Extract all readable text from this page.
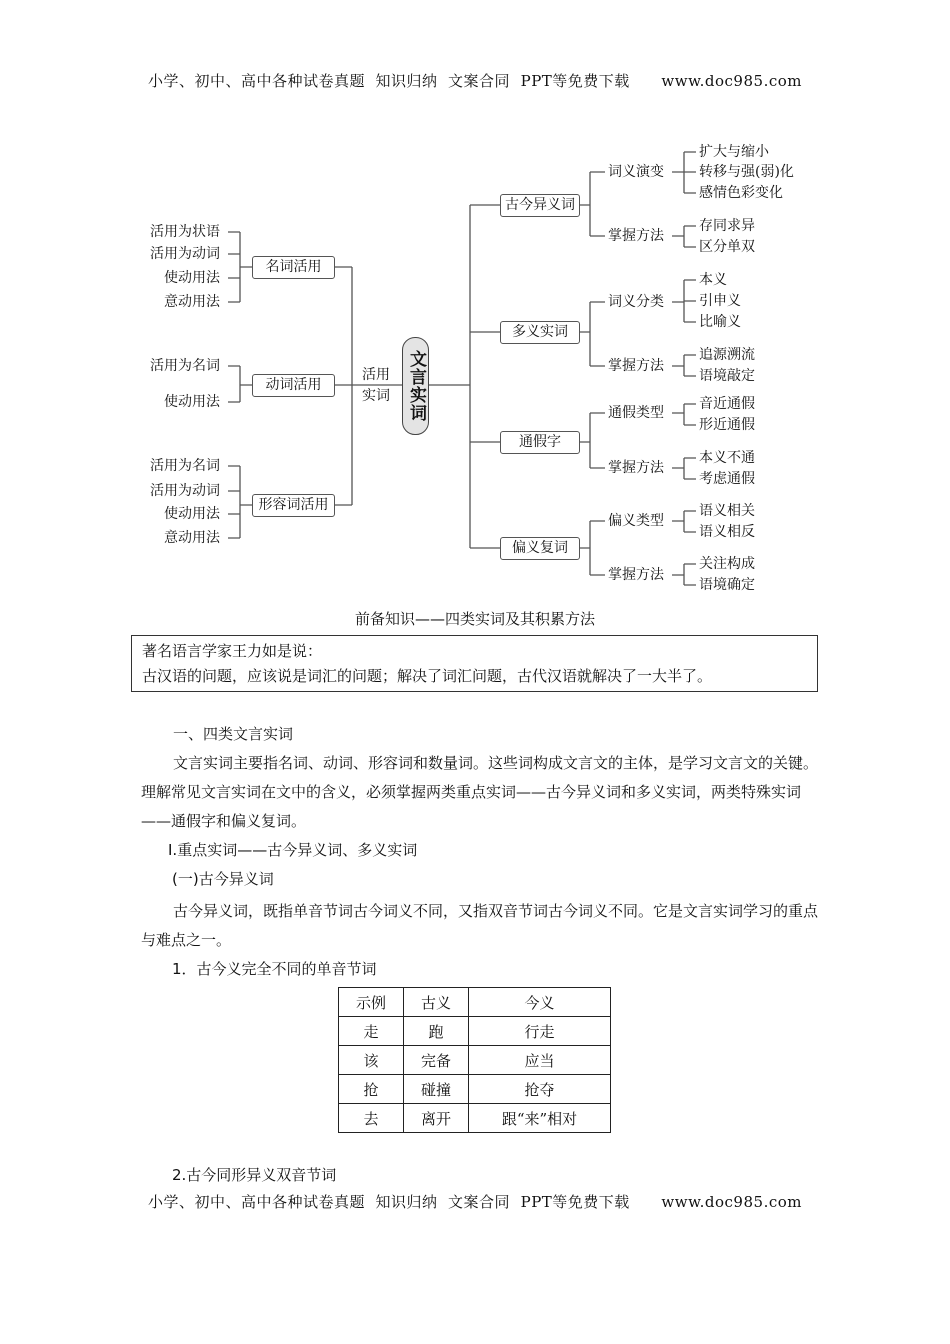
小学、初中、高中各种试卷真题  知识归纳  文案合同  PPT等免费下载      www.doc985.com
活用为状语
活用为动词
使动用法
意动用法
活用为名词
使动用法
活用为名词
活用为动词
使动用法
意动用法
名词活用
动词活用
形容词活用
活用
实词 文言实词
古今异义词
多义实词
通假字
偏义复词
词义演变
掌握方法
词义分类
掌握方法
通假类型
掌握方法
偏义类型
掌握方法
扩大与缩小
转移与强(弱)化
感情色彩变化
存同求异
区分单双
本义
引申义
比喻义
追源溯流
语境敲定
音近通假
形近通假
本义不通
考虑通假
语义相关
语义相反
关注构成
语境确定
前备知识——四类实词及其积累方法
著名语言学家王力如是说：
古汉语的问题，应该说是词汇的问题；解决了词汇问题，古代汉语就解决了一大半了。
一、四类文言实词
文言实词主要指名词、动词、形容词和数量词。这些词构成文言文的主体，是学习文言文的关键。理解常见文言实词在文中的含义，必须掌握两类重点实词——古今异义词和多义实词，两类特殊实词——通假字和偏义复词。
Ⅰ.重点实词——古今异义词、多义实词
(一)古今异义词
古今异义词，既指单音节词古今词义不同，又指双音节词古今词义不同。它是文言实词学习的重点与难点之一。
1．古今义完全不同的单音节词
示例	古义	今义
走	跑	行走
该	完备	应当
抢	碰撞	抢夺
去	离开	跟“来”相对
2.古今同形异义双音节词
小学、初中、高中各种试卷真题  知识归纳  文案合同  PPT等免费下载      www.doc985.com
